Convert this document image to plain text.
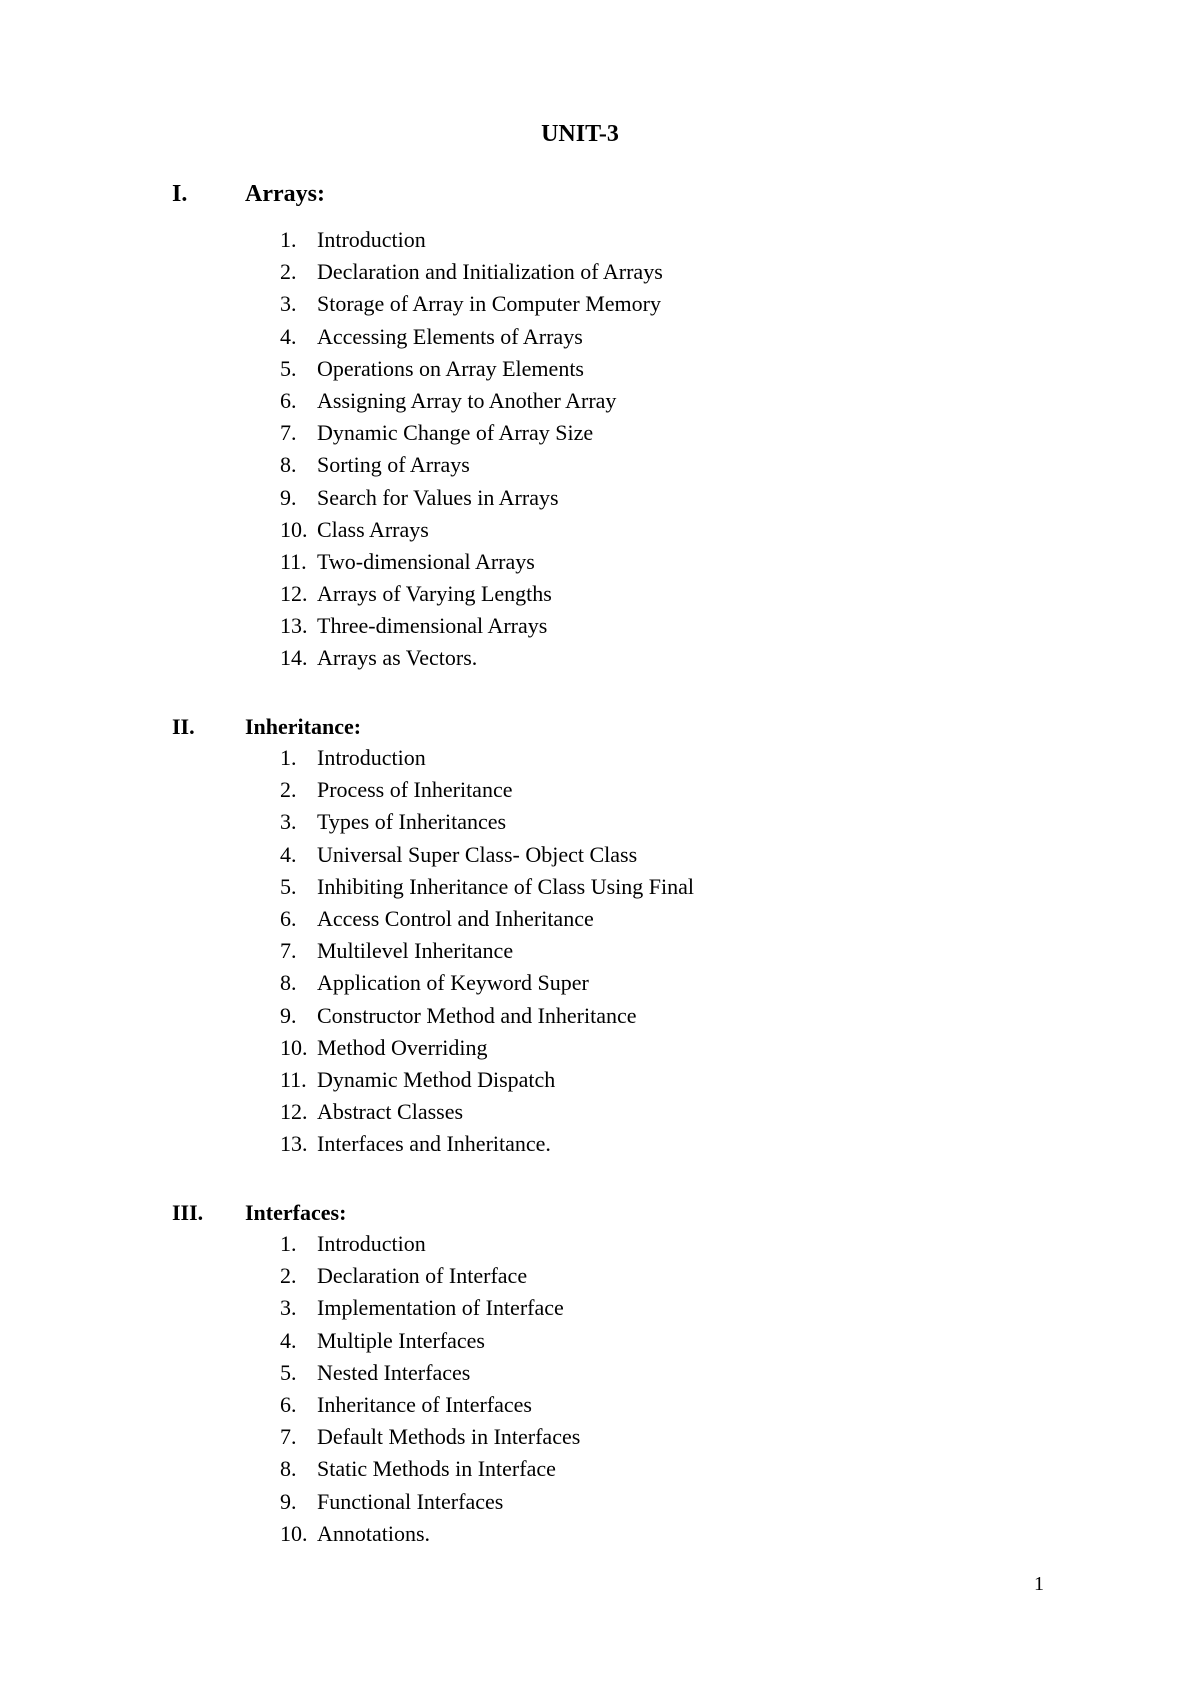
UNIT-3
I. Arrays:
1. Introduction
2. Declaration and Initialization of Arrays
3. Storage of Array in Computer Memory
4. Accessing Elements of Arrays
5. Operations on Array Elements
6. Assigning Array to Another Array
7. Dynamic Change of Array Size
8. Sorting of Arrays
9. Search for Values in Arrays
10. Class Arrays
11. Two-dimensional Arrays
12. Arrays of Varying Lengths
13. Three-dimensional Arrays
14. Arrays as Vectors.
II. Inheritance:
1. Introduction
2. Process of Inheritance
3. Types of Inheritances
4. Universal Super Class- Object Class
5. Inhibiting Inheritance of Class Using Final
6. Access Control and Inheritance
7. Multilevel Inheritance
8. Application of Keyword Super
9. Constructor Method and Inheritance
10. Method Overriding
11. Dynamic Method Dispatch
12. Abstract Classes
13. Interfaces and Inheritance.
III. Interfaces:
1. Introduction
2. Declaration of Interface
3. Implementation of Interface
4. Multiple Interfaces
5. Nested Interfaces
6. Inheritance of Interfaces
7. Default Methods in Interfaces
8. Static Methods in Interface
9. Functional Interfaces
10. Annotations.
1
